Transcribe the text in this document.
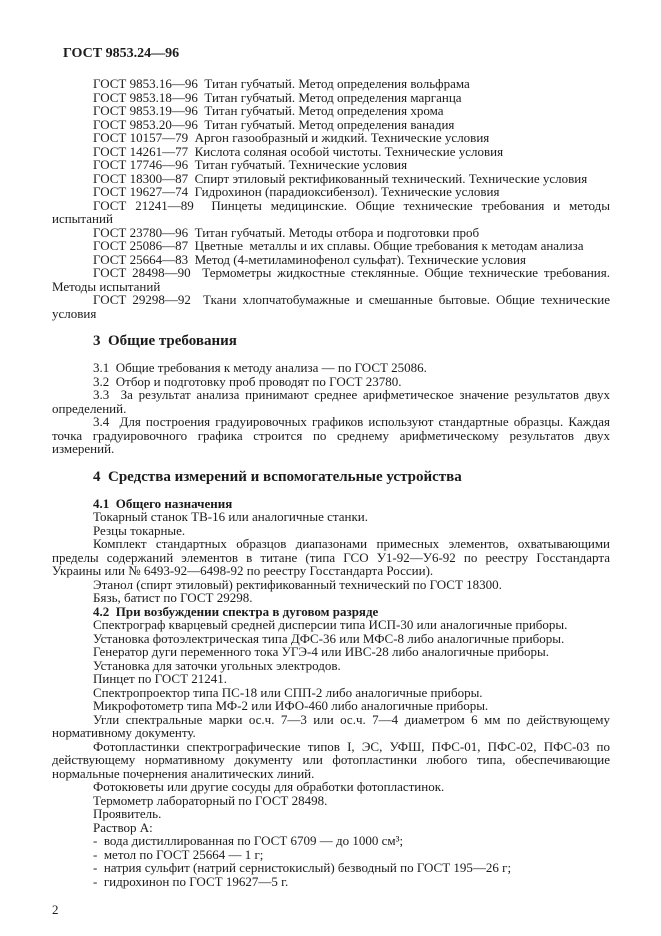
ГОСТ 9853.24—96

ГОСТ 9853.16—96  Титан губчатый. Метод определения вольфрама

ГОСТ 9853.18—96  Титан губчатый. Метод определения марганца

ГОСТ 9853.19—96  Титан губчатый. Метод определения хрома

ГОСТ 9853.20—96  Титан губчатый. Метод определения ванадия

ГОСТ 10157—79  Аргон газообразный и жидкий. Технические условия

ГОСТ 14261—77  Кислота соляная особой чистоты. Технические условия

ГОСТ 17746—96  Титан губчатый. Технические условия

ГОСТ 18300—87  Спирт этиловый ректификованный технический. Технические условия

ГОСТ 19627—74  Гидрохинон (парадиоксибензол). Технические условия

ГОСТ 21241—89  Пинцеты медицинские. Общие технические требования и методы испытаний

ГОСТ 23780—96  Титан губчатый. Методы отбора и подготовки проб

ГОСТ 25086—87  Цветные  металлы и их сплавы. Общие требования к методам анализа

ГОСТ 25664—83  Метод (4-метиламинофенол сульфат). Технические условия

ГОСТ 28498—90  Термометры жидкостные стеклянные. Общие технические требования. Методы испытаний

ГОСТ 29298—92  Ткани хлопчатобумажные и смешанные бытовые. Общие технические условия

3  Общие требования

3.1  Общие требования к методу анализа — по ГОСТ 25086.

3.2  Отбор и подготовку проб проводят по ГОСТ 23780.

3.3  За результат анализа принимают среднее арифметическое значение результатов двух определений.

3.4  Для построения градуировочных графиков используют стандартные образцы. Каждая точка градуировочного графика строится по среднему арифметическому результатов двух измерений.

4  Средства измерений и вспомогательные устройства

4.1  Общего назначения

Токарный станок ТВ-16 или аналогичные станки.

Резцы токарные.

Комплект стандартных образцов диапазонами примесных элементов, охватывающими пределы содержаний элементов в титане (типа ГСО У1-92—У6-92 по реестру Госстандарта Украины или № 6493-92—6498-92 по реестру Госстандарта России).

Этанол (спирт этиловый) ректификованный технический по ГОСТ 18300.

Бязь, батист по ГОСТ 29298.

4.2  При возбуждении спектра в дуговом разряде

Спектрограф кварцевый средней дисперсии типа ИСП-30 или аналогичные приборы.

Установка фотоэлектрическая типа ДФС-36 или МФС-8 либо аналогичные приборы.

Генератор дуги переменного тока УГЭ-4 или ИВС-28 либо аналогичные приборы.

Установка для заточки угольных электродов.

Пинцет по ГОСТ 21241.

Спектропроектор типа ПС-18 или СПП-2 либо аналогичные приборы.

Микрофотометр типа МФ-2 или ИФО-460 либо аналогичные приборы.

Угли спектральные марки ос.ч. 7—3 или ос.ч. 7—4 диаметром 6 мм по действующему нормативному документу.

Фотопластинки спектрографические типов I, ЭС, УФШ, ПФС-01, ПФС-02, ПФС-03 по действующему нормативному документу или фотопластинки любого типа, обеспечивающие нормальные почернения аналитических линий.

Фотокюветы или другие сосуды для обработки фотопластинок.

Термометр лабораторный по ГОСТ 28498.

Проявитель.

Раствор А:

-  вода дистиллированная по ГОСТ 6709 — до 1000 см³;

-  метол по ГОСТ 25664 — 1 г;

-  натрия сульфит (натрий сернистокислый) безводный по ГОСТ 195—26 г;

-  гидрохинон по ГОСТ 19627—5 г.

2
